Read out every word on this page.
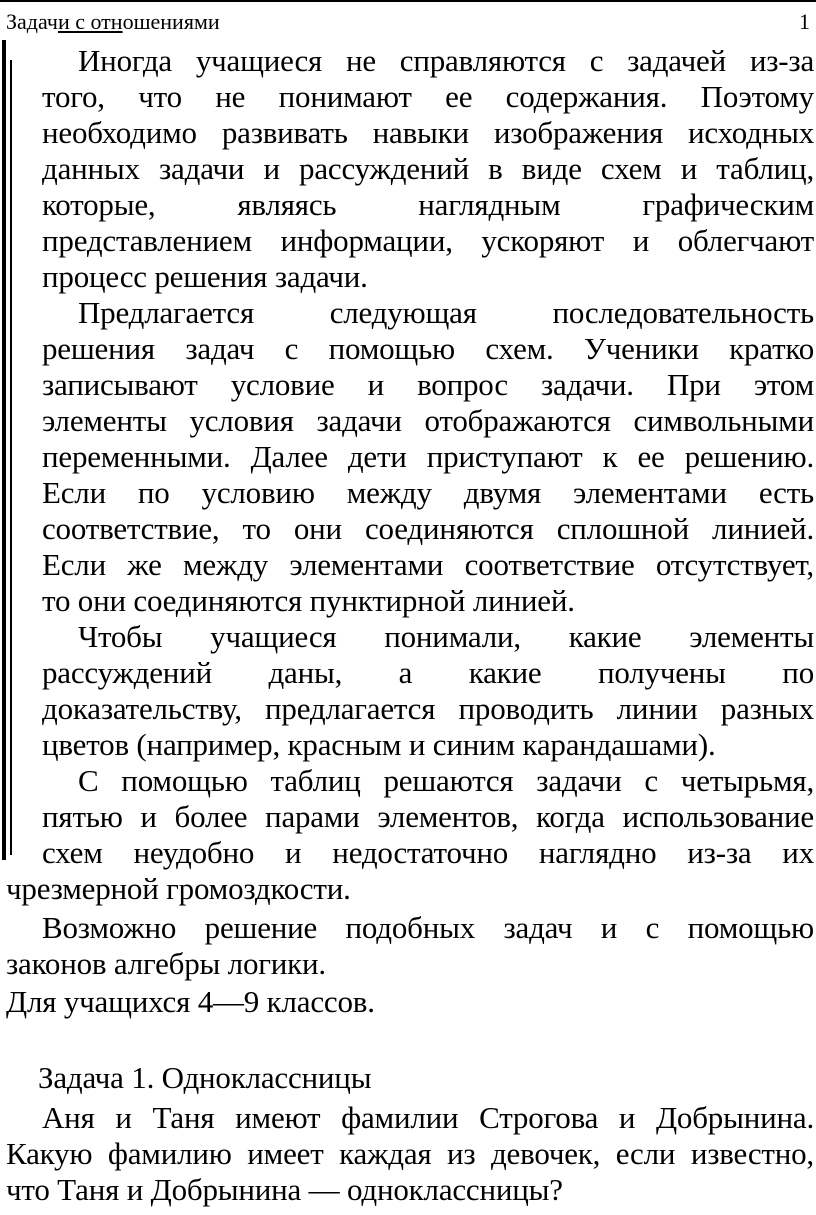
Задачи с отношениями	1
Иногда учащиеся не справляются с задачей из-за
того, что не понимают ее содержания. Поэтому
необходимо развивать навыки изображения исходных
данных задачи и рассуждений в виде схем и таблиц,
которые, являясь наглядным графическим
представлением информации, ускоряют и облегчают
процесс решения задачи.
Предлагается следующая последовательность
решения задач с помощью схем. Ученики кратко
записывают условие и вопрос задачи. При этом
элементы условия задачи отображаются символьными
переменными. Далее дети приступают к ее решению.
Если по условию между двумя элементами есть
соответствие, то они соединяются сплошной линией.
Если же между элементами соответствие отсутствует,
то они соединяются пунктирной линией.
Чтобы учащиеся понимали, какие элементы
рассуждений даны, а какие получены по
доказательству, предлагается проводить линии разных
цветов (например, красным и синим карандашами).
С помощью таблиц решаются задачи с четырьмя,
пятью и более парами элементов, когда использование
схем неудобно и недостаточно наглядно из-за их
чрезмерной громоздкости.
Возможно решение подобных задач и с помощью
законов алгебры логики.
Для учащихся 4—9 классов.
Задача 1. Одноклассницы
Аня и Таня имеют фамилии Строгова и Добрынина.
Какую фамилию имеет каждая из девочек, если известно,
что Таня и Добрынина — одноклассницы?
